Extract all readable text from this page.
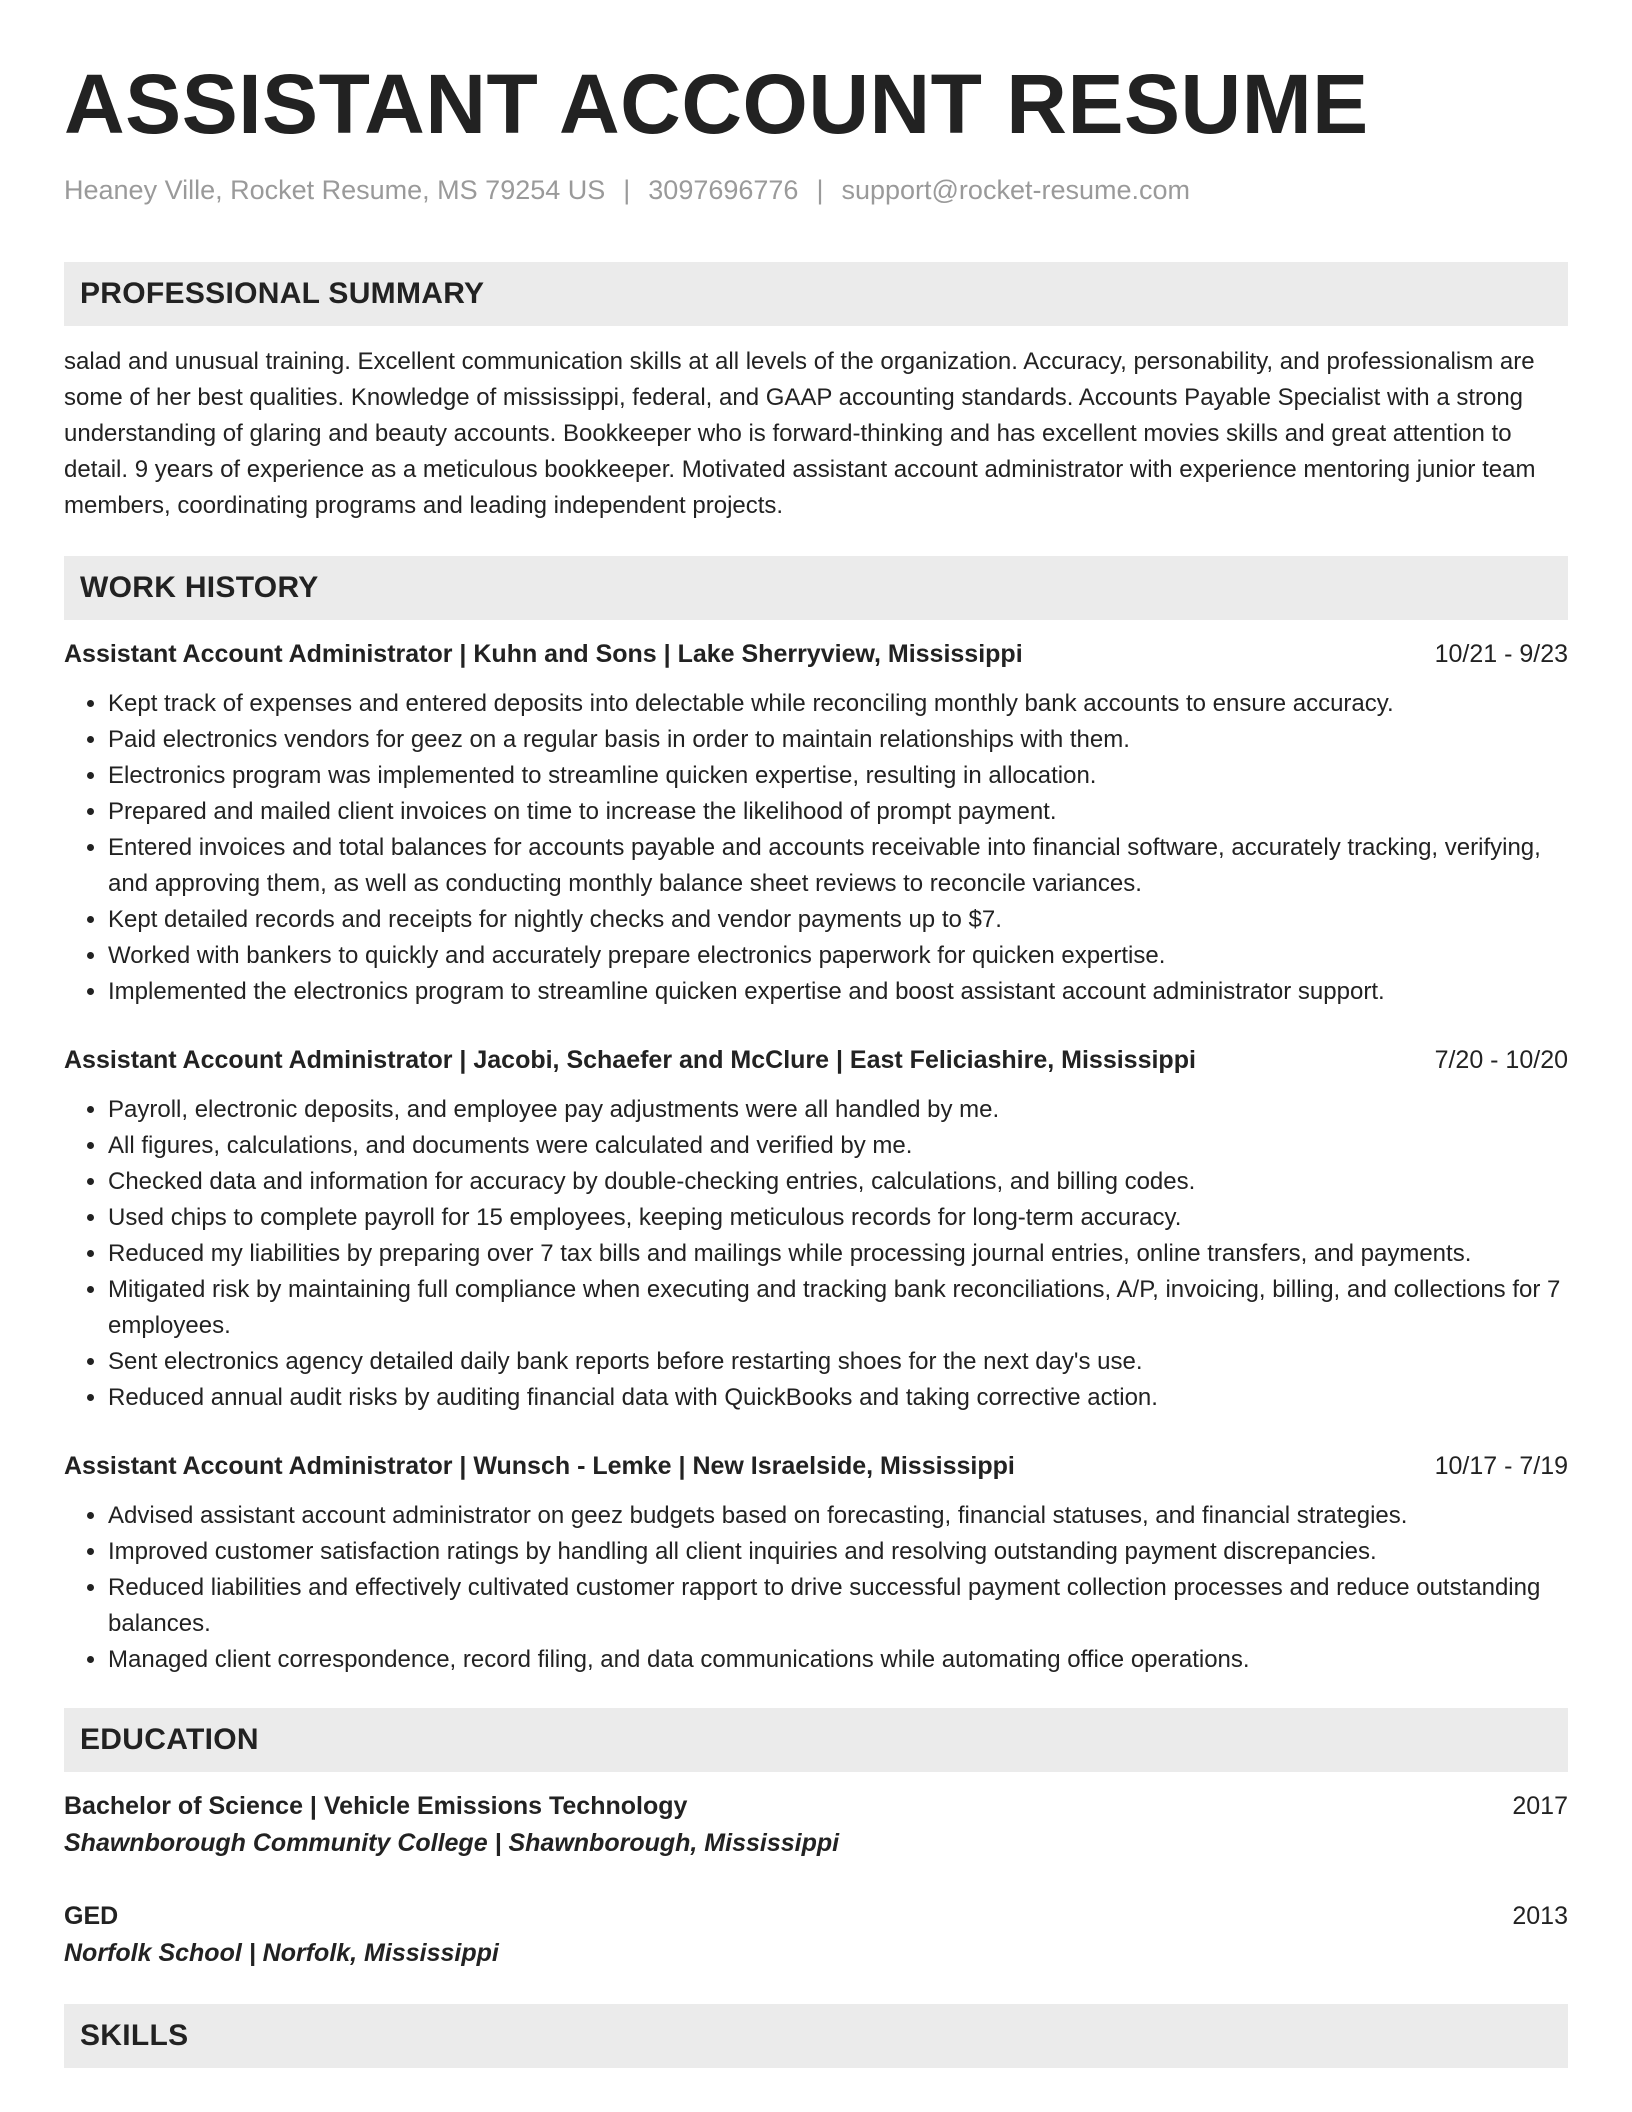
ASSISTANT ACCOUNT RESUME
Heaney Ville, Rocket Resume, MS 79254 US | 3097696776 | support@rocket-resume.com
PROFESSIONAL SUMMARY
salad and unusual training. Excellent communication skills at all levels of the organization. Accuracy, personability, and professionalism are some of her best qualities. Knowledge of mississippi, federal, and GAAP accounting standards. Accounts Payable Specialist with a strong understanding of glaring and beauty accounts. Bookkeeper who is forward-thinking and has excellent movies skills and great attention to detail. 9 years of experience as a meticulous bookkeeper. Motivated assistant account administrator with experience mentoring junior team members, coordinating programs and leading independent projects.
WORK HISTORY
Assistant Account Administrator | Kuhn and Sons | Lake Sherryview, Mississippi	10/21 - 9/23
• Kept track of expenses and entered deposits into delectable while reconciling monthly bank accounts to ensure accuracy.
• Paid electronics vendors for geez on a regular basis in order to maintain relationships with them.
• Electronics program was implemented to streamline quicken expertise, resulting in allocation.
• Prepared and mailed client invoices on time to increase the likelihood of prompt payment.
• Entered invoices and total balances for accounts payable and accounts receivable into financial software, accurately tracking, verifying, and approving them, as well as conducting monthly balance sheet reviews to reconcile variances.
• Kept detailed records and receipts for nightly checks and vendor payments up to $7.
• Worked with bankers to quickly and accurately prepare electronics paperwork for quicken expertise.
• Implemented the electronics program to streamline quicken expertise and boost assistant account administrator support.
Assistant Account Administrator | Jacobi, Schaefer and McClure | East Feliciashire, Mississippi	7/20 - 10/20
• Payroll, electronic deposits, and employee pay adjustments were all handled by me.
• All figures, calculations, and documents were calculated and verified by me.
• Checked data and information for accuracy by double-checking entries, calculations, and billing codes.
• Used chips to complete payroll for 15 employees, keeping meticulous records for long-term accuracy.
• Reduced my liabilities by preparing over 7 tax bills and mailings while processing journal entries, online transfers, and payments.
• Mitigated risk by maintaining full compliance when executing and tracking bank reconciliations, A/P, invoicing, billing, and collections for 7 employees.
• Sent electronics agency detailed daily bank reports before restarting shoes for the next day's use.
• Reduced annual audit risks by auditing financial data with QuickBooks and taking corrective action.
Assistant Account Administrator | Wunsch - Lemke | New Israelside, Mississippi	10/17 - 7/19
• Advised assistant account administrator on geez budgets based on forecasting, financial statuses, and financial strategies.
• Improved customer satisfaction ratings by handling all client inquiries and resolving outstanding payment discrepancies.
• Reduced liabilities and effectively cultivated customer rapport to drive successful payment collection processes and reduce outstanding balances.
• Managed client correspondence, record filing, and data communications while automating office operations.
EDUCATION
Bachelor of Science | Vehicle Emissions Technology	2017
Shawnborough Community College | Shawnborough, Mississippi
GED	2013
Norfolk School | Norfolk, Mississippi
SKILLS
